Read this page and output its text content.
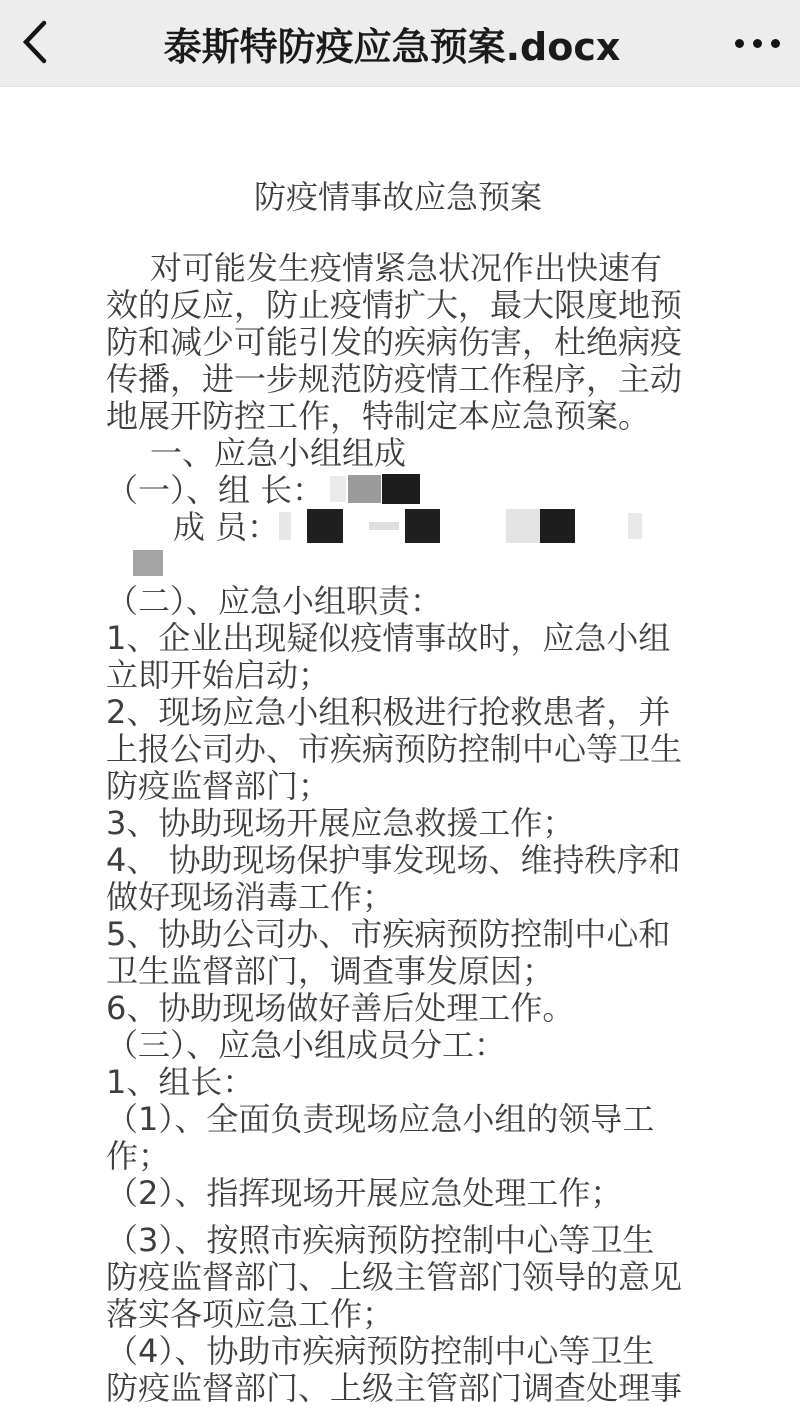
泰斯特防疫应急预案.docx
防疫情事故应急预案
对可能发生疫情紧急状况作出快速有
效的反应，防止疫情扩大，最大限度地预
防和减少可能引发的疾病伤害，杜绝病疫
传播，进一步规范防疫情工作程序，主动
地展开防控工作，特制定本应急预案。
一、应急小组组成
（一）、组 长：
成 员：
（二）、应急小组职责：
1、企业出现疑似疫情事故时，应急小组
立即开始启动；
2、现场应急小组积极进行抢救患者，并
上报公司办、市疾病预防控制中心等卫生
防疫监督部门；
3、协助现场开展应急救援工作；
4、 协助现场保护事发现场、维持秩序和
做好现场消毒工作；
5、协助公司办、市疾病预防控制中心和
卫生监督部门，调查事发原因；
6、协助现场做好善后处理工作。
（三）、应急小组成员分工：
1、组长：
（1）、全面负责现场应急小组的领导工
作；
（2）、指挥现场开展应急处理工作；
（3）、按照市疾病预防控制中心等卫生
防疫监督部门、上级主管部门领导的意见
落实各项应急工作；
（4）、协助市疾病预防控制中心等卫生
防疫监督部门、上级主管部门调查处理事
